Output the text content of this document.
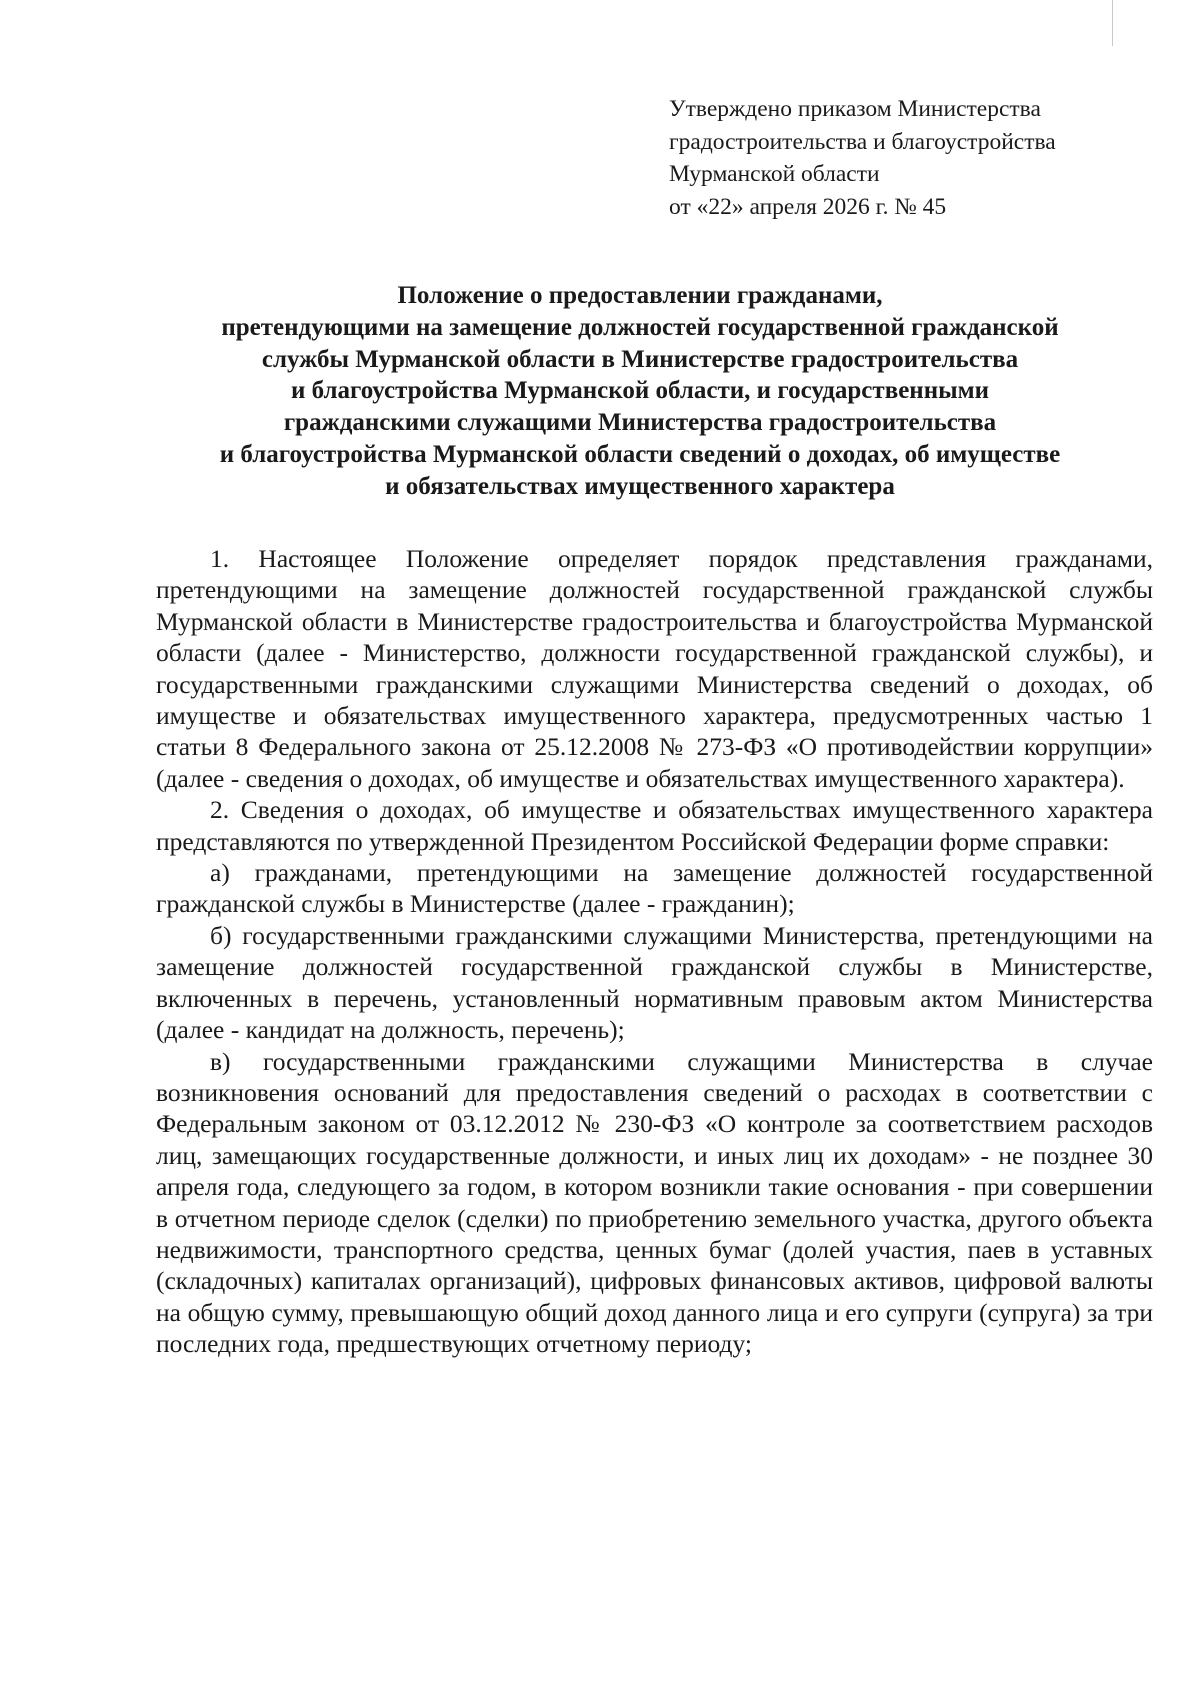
Утверждено приказом Министерства
градостроительства и благоустройства
Мурманской области
от «22» апреля 2026 г. № 45
Положение о предоставлении гражданами,
претендующими на замещение должностей государственной гражданской
службы Мурманской области в Министерстве градостроительства
и благоустройства Мурманской области, и государственными
гражданскими служащими Министерства градостроительства
и благоустройства Мурманской области сведений о доходах, об имуществе
и обязательствах имущественного характера

1. Настоящее Положение определяет порядок представления гражданами, претендующими на замещение должностей государственной гражданской службы Мурманской области в Министерстве градостроительства и благоустройства Мурманской области (далее - Министерство, должности государственной гражданской службы), и государственными гражданскими служащими Министерства сведений о доходах, об имуществе и обязательствах имущественного характера, предусмотренных частью 1 статьи 8 Федерального закона от 25.12.2008 № 273-ФЗ «О противодействии коррупции» (далее - сведения о доходах, об имуществе и обязательствах имущественного характера).

2. Сведения о доходах, об имуществе и обязательствах имущественного характера представляются по утвержденной Президентом Российской Федерации форме справки:

а) гражданами, претендующими на замещение должностей государственной гражданской службы в Министерстве (далее - гражданин);

б) государственными гражданскими служащими Министерства, претендующими на замещение должностей государственной гражданской службы в Министерстве, включенных в перечень, установленный нормативным правовым актом Министерства (далее - кандидат на должность, перечень);

в) государственными гражданскими служащими Министерства в случае возникновения оснований для предоставления сведений о расходах в соответствии с Федеральным законом от 03.12.2012 № 230-ФЗ «О контроле за соответствием расходов лиц, замещающих государственные должности, и иных лиц их доходам» - не позднее 30 апреля года, следующего за годом, в котором возникли такие основания - при совершении в отчетном периоде сделок (сделки) по приобретению земельного участка, другого объекта недвижимости, транспортного средства, ценных бумаг (долей участия, паев в уставных (складочных) капиталах организаций), цифровых финансовых активов, цифровой валюты на общую сумму, превышающую общий доход данного лица и его супруги (супруга) за три последних года, предшествующих отчетному периоду;
